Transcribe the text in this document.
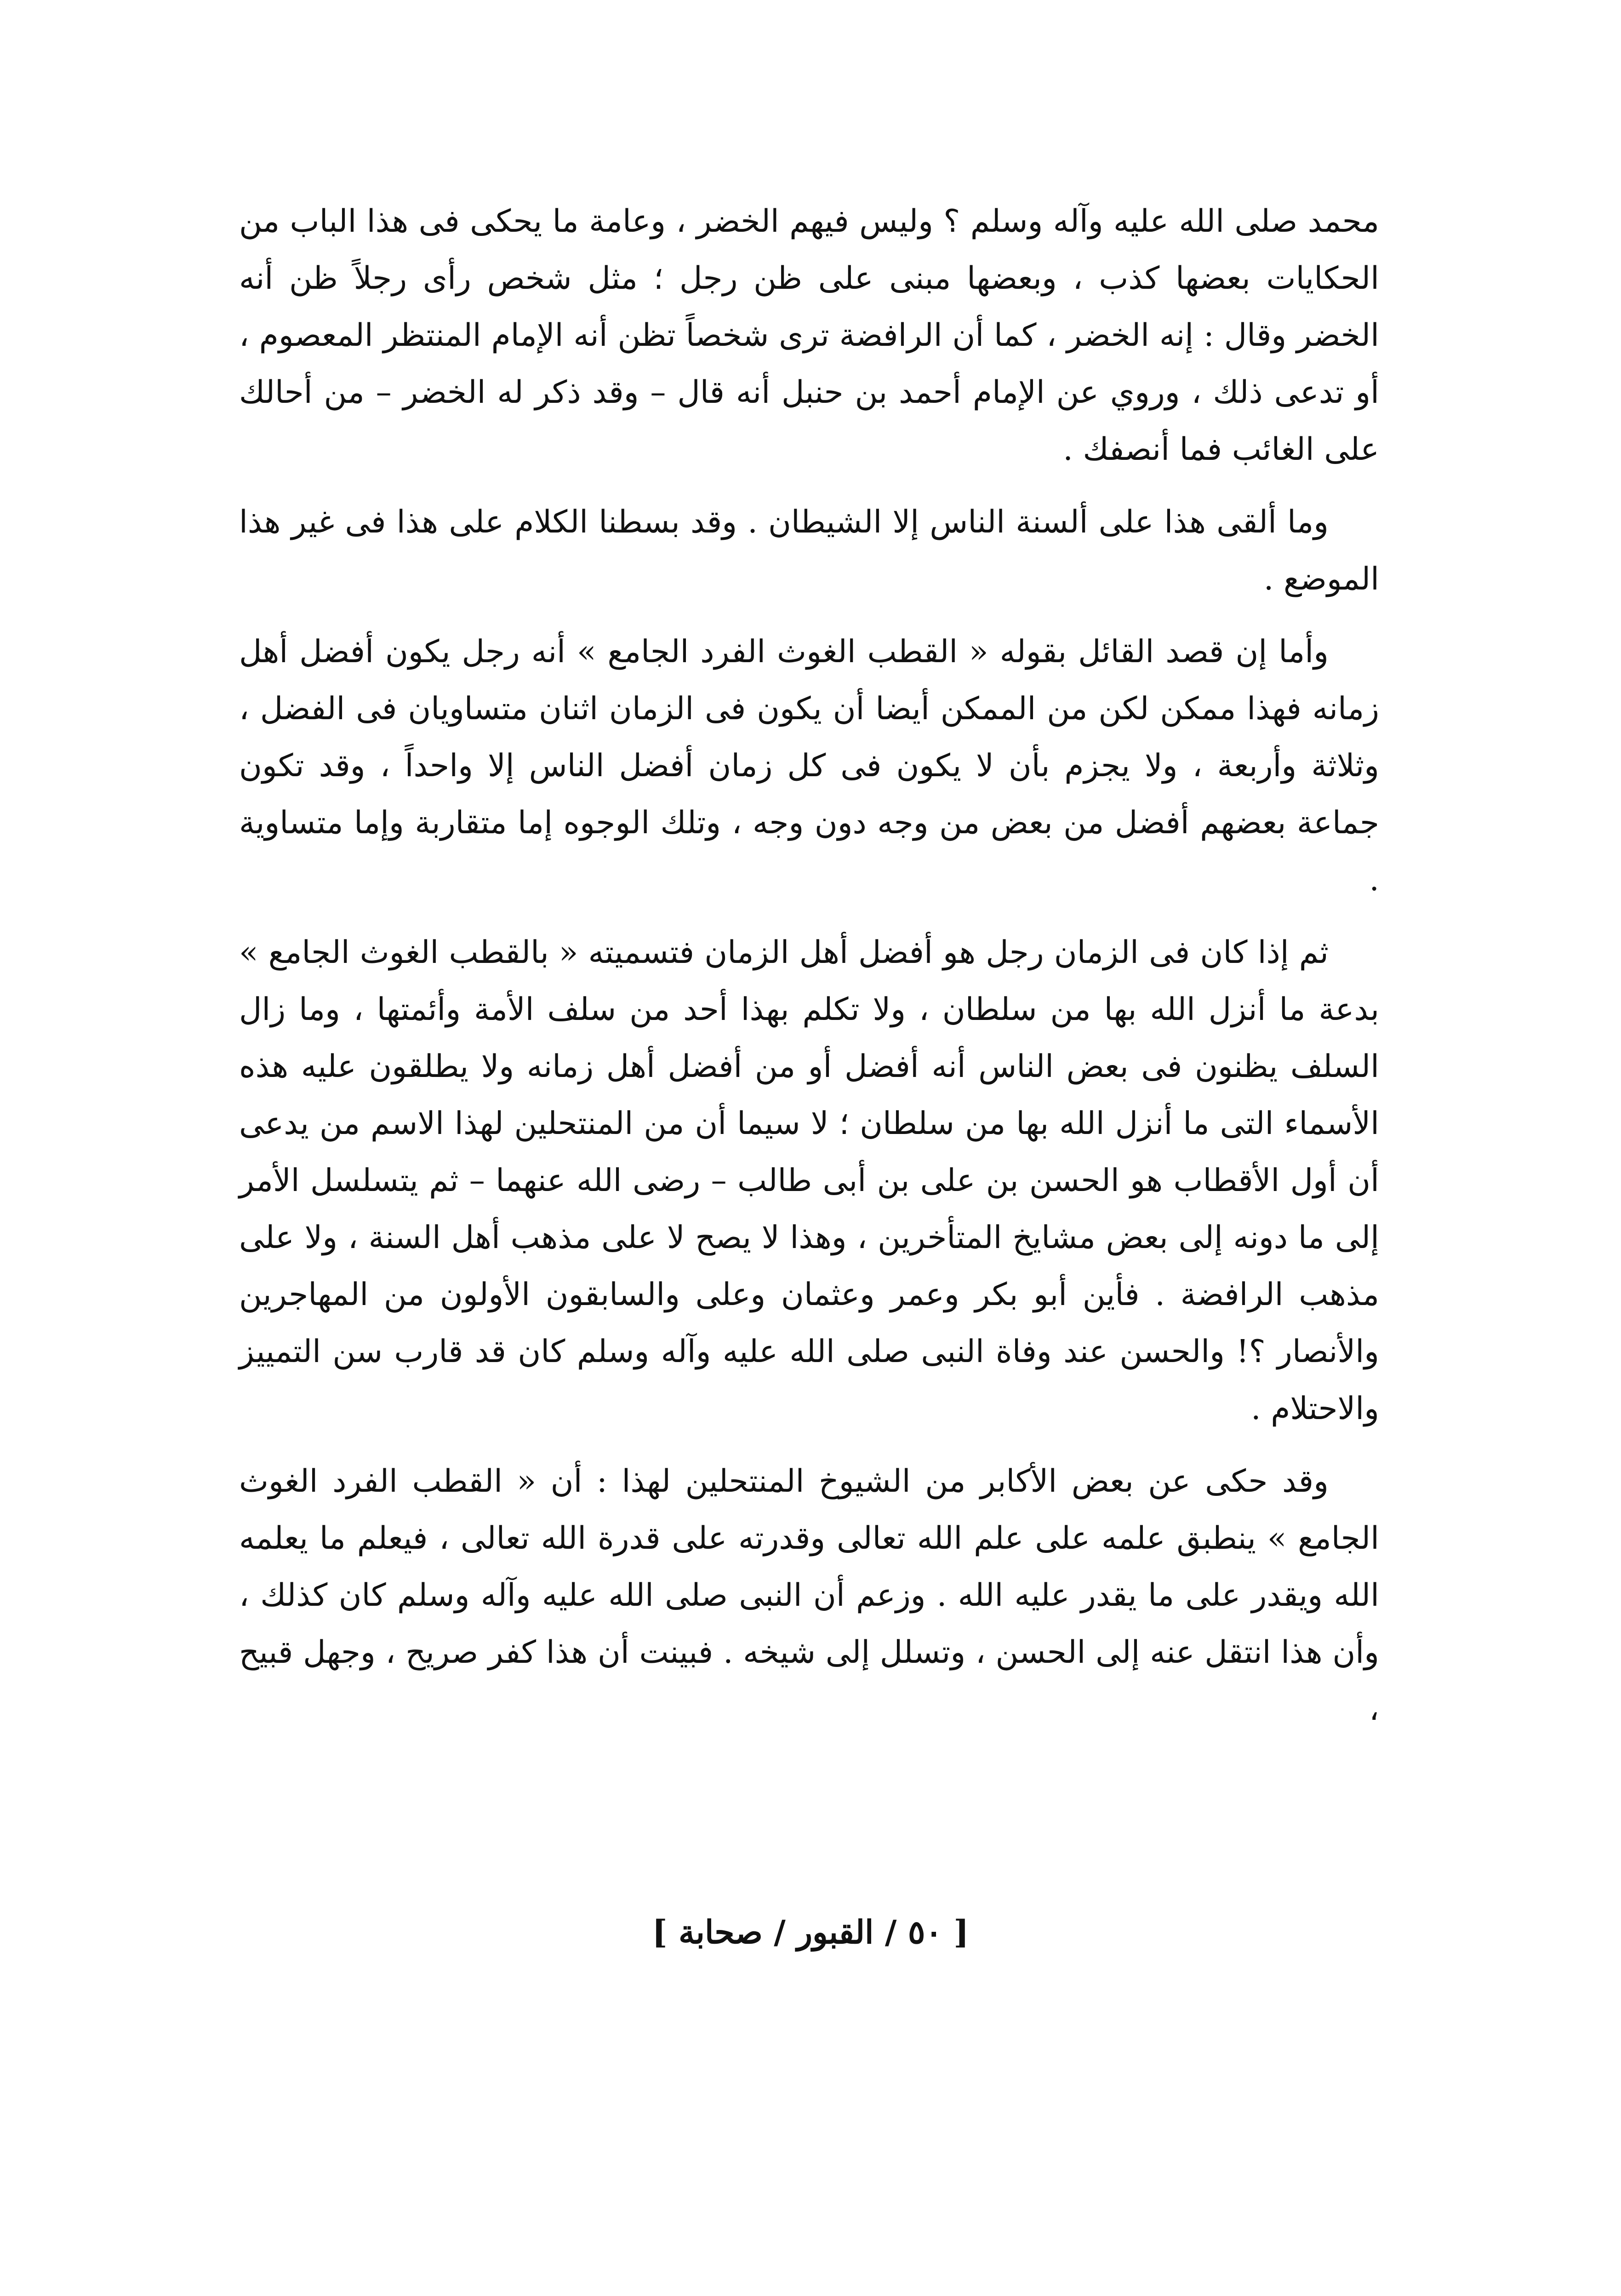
محمد صلى الله عليه وآله وسلم ؟ وليس فيهم الخضر ، وعامة ما يحكى فى هذا الباب من الحكايات بعضها كذب ، وبعضها مبنى على ظن رجل ؛ مثل شخص رأى رجلاً ظن أنه الخضر وقال : إنه الخضر ، كما أن الرافضة ترى شخصاً تظن أنه الإمام المنتظر المعصوم ، أو تدعى ذلك ، وروي عن الإمام أحمد بن حنبل أنه قال – وقد ذكر له الخضر – من أحالك على الغائب فما أنصفك .

وما ألقى هذا على ألسنة الناس إلا الشيطان . وقد بسطنا الكلام على هذا فى غير هذا الموضع .

وأما إن قصد القائل بقوله « القطب الغوث الفرد الجامع » أنه رجل يكون أفضل أهل زمانه فهذا ممكن لكن من الممكن أيضا أن يكون فى الزمان اثنان متساويان فى الفضل ، وثلاثة وأربعة ، ولا يجزم بأن لا يكون فى كل زمان أفضل الناس إلا واحداً ، وقد تكون جماعة بعضهم أفضل من بعض من وجه دون وجه ، وتلك الوجوه إما متقاربة وإما متساوية .

ثم إذا كان فى الزمان رجل هو أفضل أهل الزمان فتسميته « بالقطب الغوث الجامع » بدعة ما أنزل الله بها من سلطان ، ولا تكلم بهذا أحد من سلف الأمة وأئمتها ، وما زال السلف يظنون فى بعض الناس أنه أفضل أو من أفضل أهل زمانه ولا يطلقون عليه هذه الأسماء التى ما أنزل الله بها من سلطان ؛ لا سيما أن من المنتحلين لهذا الاسم من يدعى أن أول الأقطاب هو الحسن بن على بن أبى طالب – رضى الله عنهما – ثم يتسلسل الأمر إلى ما دونه إلى بعض مشايخ المتأخرين ، وهذا لا يصح لا على مذهب أهل السنة ، ولا على مذهب الرافضة . فأين أبو بكر وعمر وعثمان وعلى والسابقون الأولون من المهاجرين والأنصار ؟! والحسن عند وفاة النبى صلى الله عليه وآله وسلم كان قد قارب سن التمييز والاحتلام .

وقد حكى عن بعض الأكابر من الشيوخ المنتحلين لهذا : أن « القطب الفرد الغوث الجامع » ينطبق علمه على علم الله تعالى وقدرته على قدرة الله تعالى ، فيعلم ما يعلمه الله ويقدر على ما يقدر عليه الله . وزعم أن النبى صلى الله عليه وآله وسلم كان كذلك ، وأن هذا انتقل عنه إلى الحسن ، وتسلل إلى شيخه . فبينت أن هذا كفر صريح ، وجهل قبيح ،

[ ٥٠ / القبور / صحابة ]
